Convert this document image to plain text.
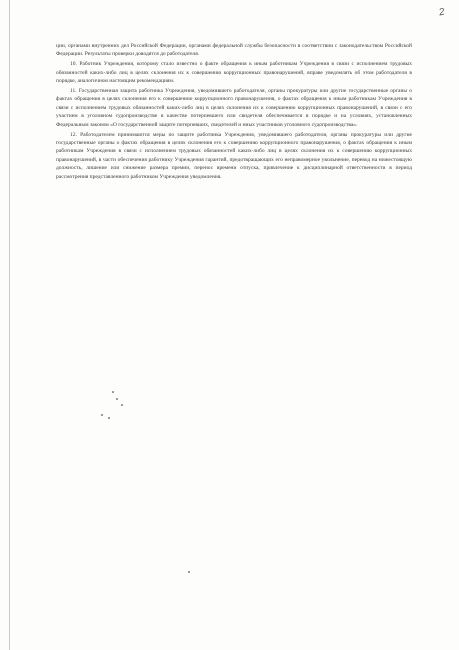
2

ции, органами внутренних дел Российской Федерации, органами федеральной службы безопасности в соответствии с законодательством Российской Федерации. Результаты проверки доводятся до работодателя.

10. Работник Учреждения, которому стало известно о факте обращения к иным работникам Учреждения в связи с исполнением трудовых обязанностей каких-либо лиц в целях склонения их к совершению коррупционных правонарушений, вправе уведомлять об этом работодателя в порядке, аналогичном настоящим рекомендациям.

11. Государственная защита работника Учреждения, уведомившего работодателя, органы прокуратуры или другие государственные органы о фактах обращения в целях склонения его к совершению коррупционного правонарушения, о фактах обращения к иным работникам Учреждения в связи с исполнением трудовых обязанностей каких-либо лиц в целях склонения их к совершению коррупционных правонарушений, в связи с его участием в уголовном судопроизводстве в качестве потерпевшего или свидетеля обеспечивается в порядке и на условиях, установленных Федеральным законом «О государственной защите потерпевших, свидетелей и иных участников уголовного судопроизводства».

12. Работодателем принимаются меры по защите работника Учреждения, уведомившего работодателя, органы прокуратуры или другие государственные органы о фактах обращения в целях склонения его к совершению коррупционного правонарушения, о фактах обращения к иным работникам Учреждения в связи с исполнением трудовых обязанностей каких-либо лиц в целях склонения их к совершению коррупционных правонарушений, в части обеспечения работнику Учреждения гарантий, предотвращающих его неправомерное увольнение, перевод на нижестоящую должность, лишение или снижение размера премии, перенос времени отпуска, привлечение к дисциплинарной ответственности в период рассмотрения представленного работником Учреждения уведомления.
